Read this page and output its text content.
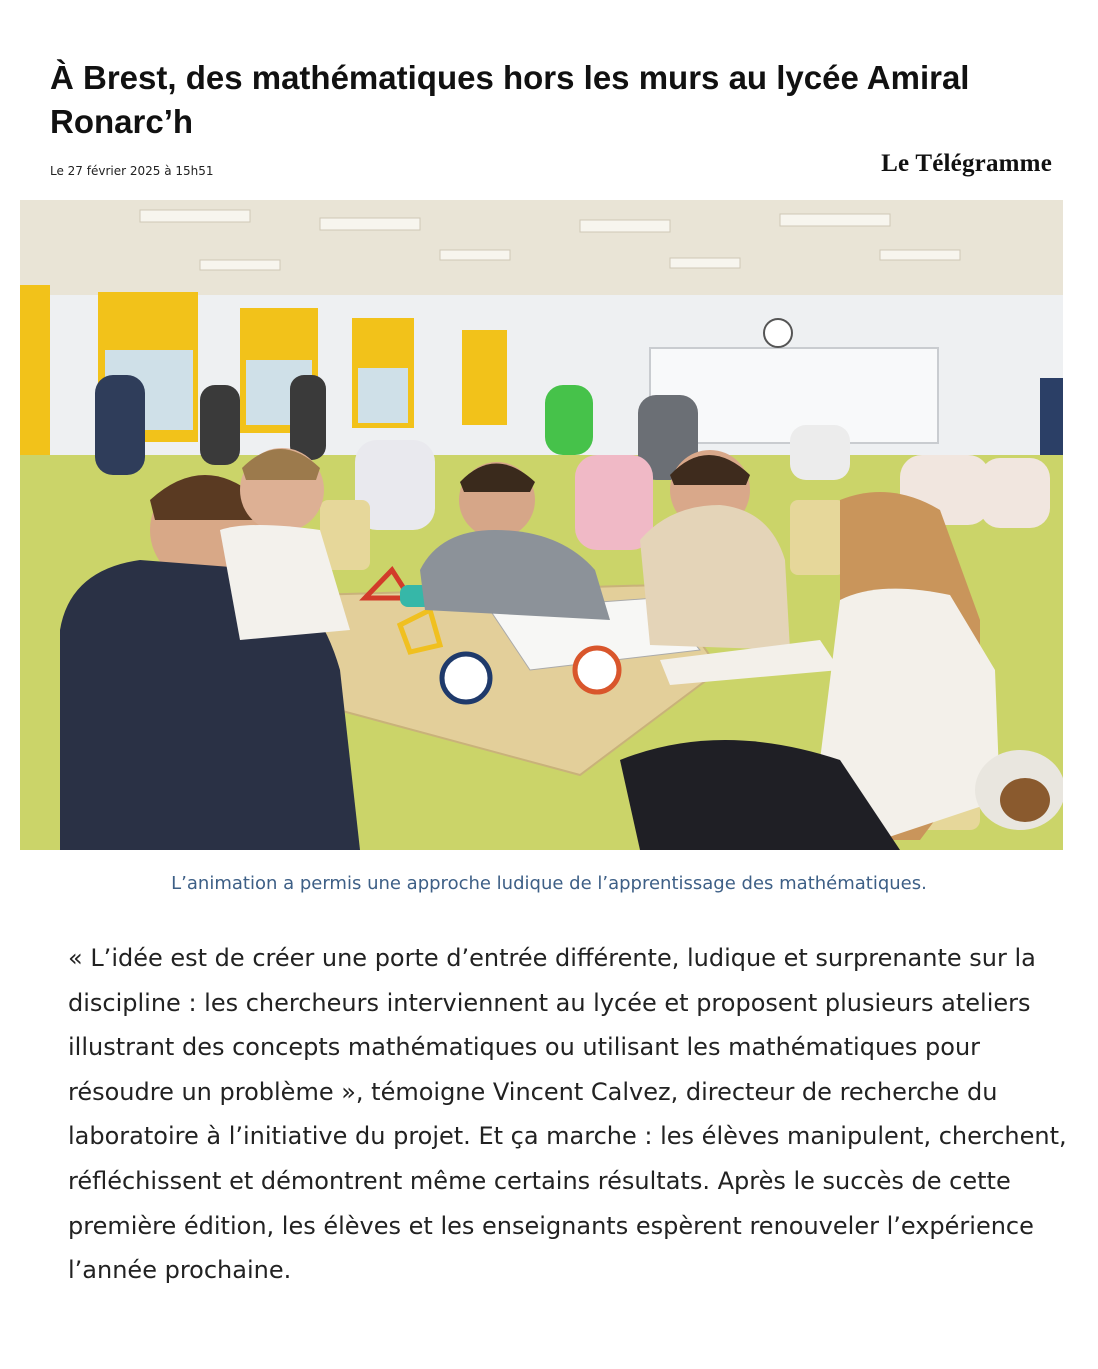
À Brest, des mathématiques hors les murs au lycée Amiral Ronarc’h
Le 27 février 2025 à 15h51	Le Télégramme
L’animation a permis une approche ludique de l’apprentissage des mathématiques.

« L’idée est de créer une porte d’entrée différente, ludique et surprenante sur la discipline : les chercheurs interviennent au lycée et proposent plusieurs ateliers illustrant des concepts mathématiques ou utilisant les mathématiques pour résoudre un problème », témoigne Vincent Calvez, directeur de recherche du laboratoire à l’initiative du projet. Et ça marche : les élèves manipulent, cherchent, réfléchissent et démontrent même certains résultats. Après le succès de cette première édition, les élèves et les enseignants espèrent renouveler l’expérience l’année prochaine.
